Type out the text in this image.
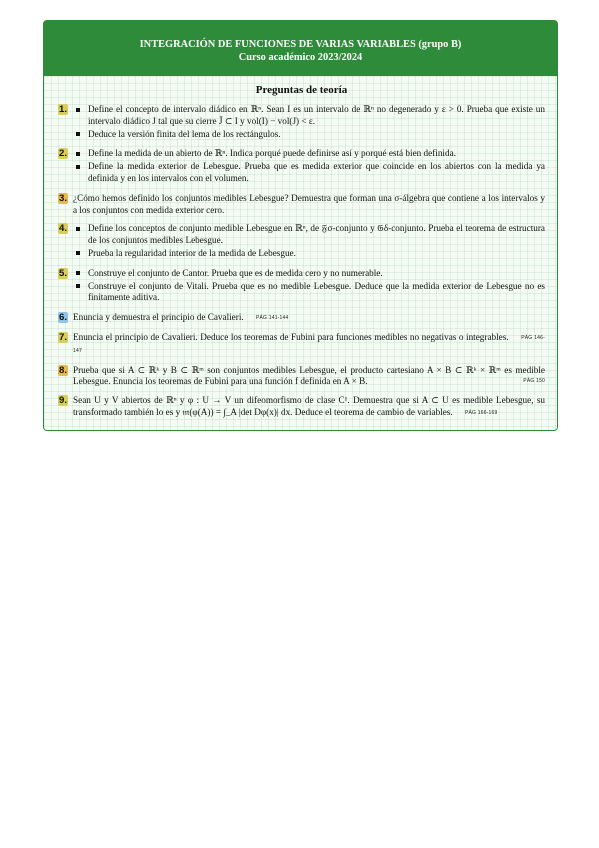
INTEGRACIÓN DE FUNCIONES DE VARIAS VARIABLES (grupo B)
Curso académico 2023/2024
Preguntas de teoría
1.	Define el concepto de intervalo diádico en ℝⁿ. Sean I es un intervalo de ℝⁿ no degenerado y ε > 0. Prueba que existe un intervalo diádico J tal que su cierre J̄ ⊂ I y vol(I) − vol(J) < ε.
Deduce la versión finita del lema de los rectángulos.
2.	Define la medida de un abierto de ℝⁿ. Indica porqué puede definirse así y porqué está bien definida.
Define la medida exterior de Lebesgue. Prueba que es medida exterior que coincide en los abiertos con la medida ya definida y en los intervalos con el volumen.
3. ¿Cómo hemos definido los conjuntos medibles Lebesgue? Demuestra que forman una σ-álgebra que contiene a los intervalos y a los conjuntos con medida exterior cero.
4.	Define los conceptos de conjunto medible Lebesgue en ℝⁿ, de 𝔉σ-conjunto y 𝔊δ-conjunto. Prueba el teorema de estructura de los conjuntos medibles Lebesgue.
Prueba la regularidad interior de la medida de Lebesgue.
5.	Construye el conjunto de Cantor. Prueba que es de medida cero y no numerable.
Construye el conjunto de Vitali. Prueba que es no medible Lebesgue. Deduce que la medida exterior de Lebesgue no es finitamente aditiva.
6. Enuncia y demuestra el principio de Cavalieri. PÁG 141-144
7. Enuncia el principio de Cavalieri. Deduce los teoremas de Fubini para funciones medibles no negativas o integrables.	PÁG 146-147
8. Prueba que si A ⊂ ℝᵏ y B ⊂ ℝᵐ son conjuntos medibles Lebesgue, el producto cartesiano A × B ⊂ ℝᵏ × ℝᵐ es medible Lebesgue. Enuncia los teoremas de Fubini para una función f definida en A × B.	PÁG 150
9. Sean U y V abiertos de ℝⁿ y φ : U → V un difeomorfismo de clase C¹. Demuestra que si A ⊂ U es medible Lebesgue, su transformado también lo es y 𝔪(φ(A)) = ∫_A |det Dφ(x)| dx. Deduce el teorema de cambio de variables. PÁG 166-169
